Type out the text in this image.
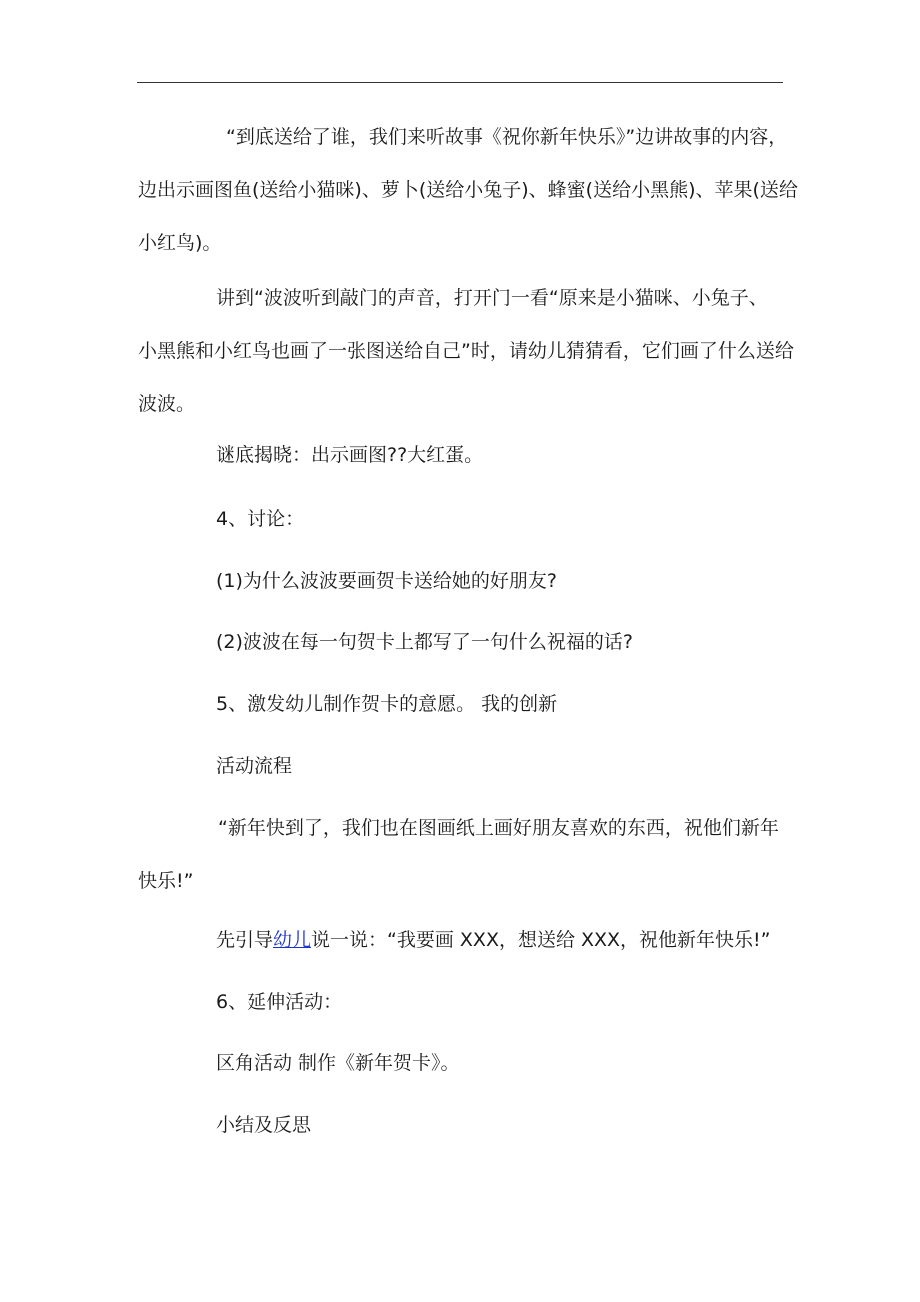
“到底送给了谁，我们来听故事《祝你新年快乐》”边讲故事的内容，
边出示画图鱼(送给小猫咪)、萝卜(送给小兔子)、蜂蜜(送给小黑熊)、苹果(送给
小红鸟)。
讲到“波波听到敲门的声音，打开门一看“原来是小猫咪、小兔子、
小黑熊和小红鸟也画了一张图送给自己”时，请幼儿猜猜看，它们画了什么送给
波波。

谜底揭晓：出示画图??大红蛋。

4、讨论：

(1)为什么波波要画贺卡送给她的好朋友?

(2)波波在每一句贺卡上都写了一句什么祝福的话?

5、激发幼儿制作贺卡的意愿。 我的创新

活动流程

“新年快到了，我们也在图画纸上画好朋友喜欢的东西，祝他们新年
快乐!”

先引导幼儿说一说：“我要画 XXX，想送给 XXX，祝他新年快乐!”

6、延伸活动：

区角活动 制作《新年贺卡》。

小结及反思
